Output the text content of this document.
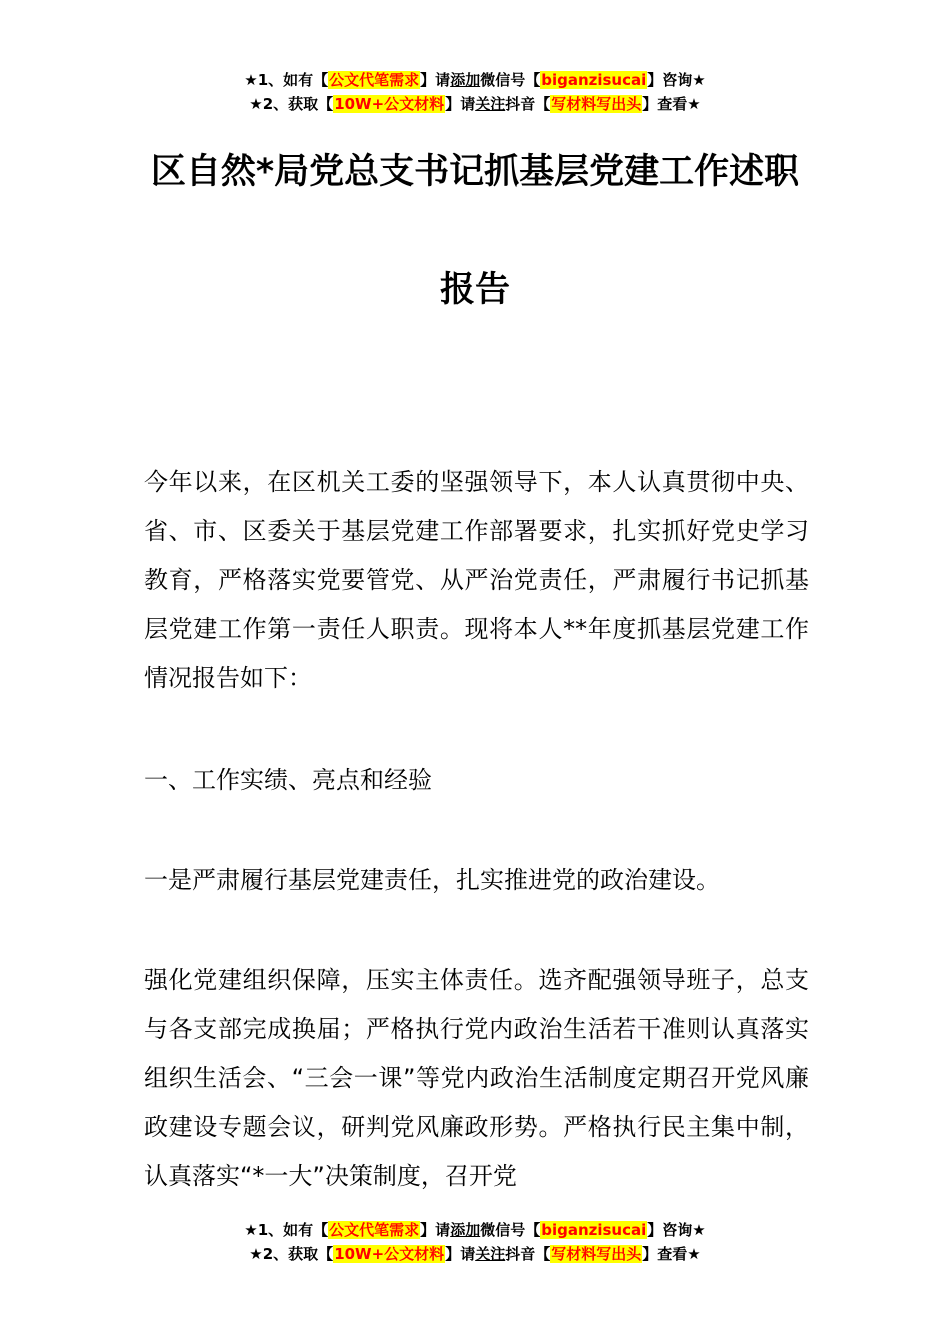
★1、如有【公文代笔需求】请添加微信号【biganzisucai】咨询★
★2、获取【10W+公文材料】请关注抖音【写材料写出头】查看★
区自然*局党总支书记抓基层党建工作述职
报告
今年以来，在区机关工委的坚强领导下，本人认真贯彻中央、省、市、区委关于基层党建工作部署要求，扎实抓好党史学习教育，严格落实党要管党、从严治党责任，严肃履行书记抓基层党建工作第一责任人职责。现将本人**年度抓基层党建工作情况报告如下：
一、工作实绩、亮点和经验
一是严肃履行基层党建责任，扎实推进党的政治建设。
强化党建组织保障，压实主体责任。选齐配强领导班子，总支与各支部完成换届；严格执行党内政治生活若干准则认真落实组织生活会、“三会一课”等党内政治生活制度定期召开党风廉政建设专题会议，研判党风廉政形势。严格执行民主集中制，认真落实“*一大”决策制度，召开党
★1、如有【公文代笔需求】请添加微信号【biganzisucai】咨询★
★2、获取【10W+公文材料】请关注抖音【写材料写出头】查看★
